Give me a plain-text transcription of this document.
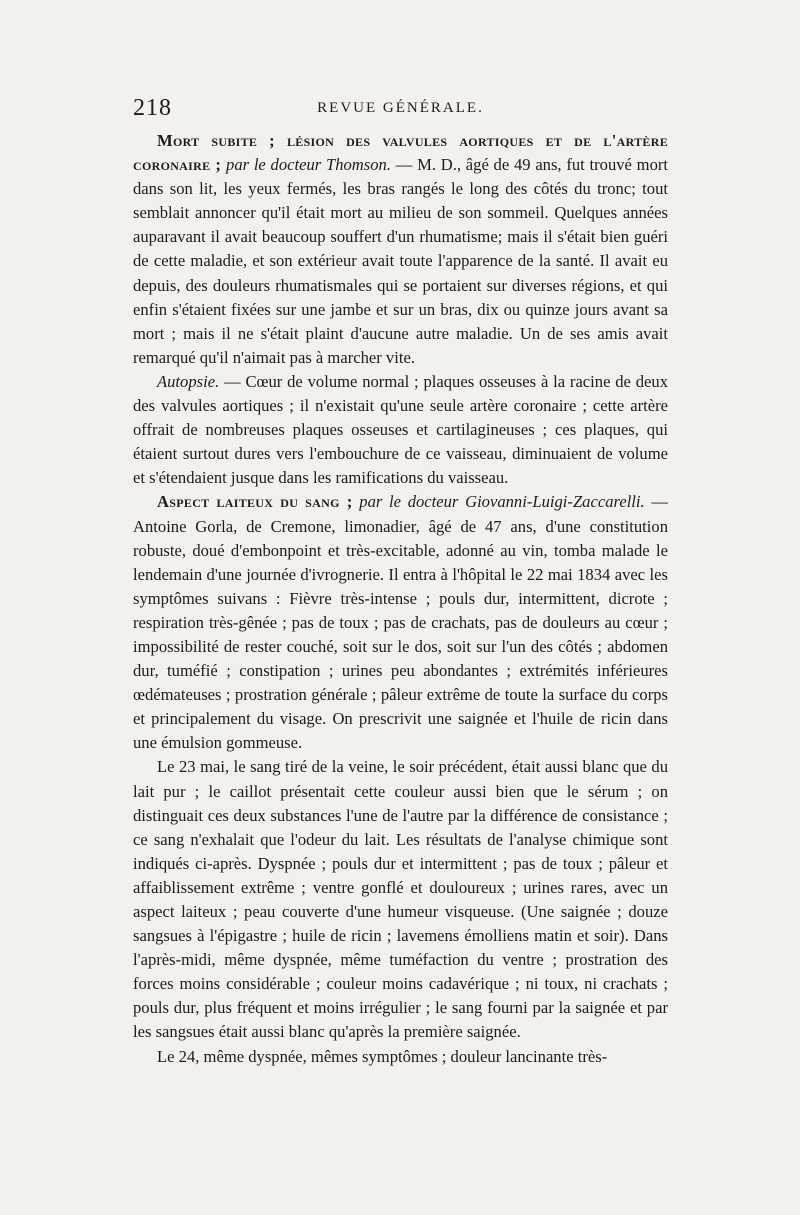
218	REVUE GÉNÉRALE.

Mort subite ; lésion des valvules aortiques et de l'artère coronaire ; par le docteur Thomson. — M. D., âgé de 49 ans, fut trouvé mort dans son lit, les yeux fermés, les bras rangés le long des côtés du tronc; tout semblait annoncer qu'il était mort au milieu de son sommeil. Quelques années auparavant il avait beaucoup souffert d'un rhumatisme; mais il s'était bien guéri de cette maladie, et son extérieur avait toute l'apparence de la santé. Il avait eu depuis, des douleurs rhumatismales qui se portaient sur diverses régions, et qui enfin s'étaient fixées sur une jambe et sur un bras, dix ou quinze jours avant sa mort ; mais il ne s'était plaint d'aucune autre maladie. Un de ses amis avait remarqué qu'il n'aimait pas à marcher vite.

Autopsie. — Cœur de volume normal ; plaques osseuses à la racine de deux des valvules aortiques ; il n'existait qu'une seule artère coronaire ; cette artère offrait de nombreuses plaques osseuses et cartilagineuses ; ces plaques, qui étaient surtout dures vers l'embouchure de ce vaisseau, diminuaient de volume et s'étendaient jusque dans les ramifications du vaisseau.

Aspect laiteux du sang ; par le docteur Giovanni-Luigi-Zaccarelli. — Antoine Gorla, de Cremone, limonadier, âgé de 47 ans, d'une constitution robuste, doué d'embonpoint et très-excitable, adonné au vin, tomba malade le lendemain d'une journée d'ivrognerie. Il entra à l'hôpital le 22 mai 1834 avec les symptômes suivans : Fièvre très-intense ; pouls dur, intermittent, dicrote ; respiration très-gênée ; pas de toux ; pas de crachats, pas de douleurs au cœur ; impossibilité de rester couché, soit sur le dos, soit sur l'un des côtés ; abdomen dur, tuméfié ; constipation ; urines peu abondantes ; extrémités inférieures œdémateuses ; prostration générale ; pâleur extrême de toute la surface du corps et principalement du visage. On prescrivit une saignée et l'huile de ricin dans une émulsion gommeuse.

Le 23 mai, le sang tiré de la veine, le soir précédent, était aussi blanc que du lait pur ; le caillot présentait cette couleur aussi bien que le sérum ; on distinguait ces deux substances l'une de l'autre par la différence de consistance ; ce sang n'exhalait que l'odeur du lait. Les résultats de l'analyse chimique sont indiqués ci-après. Dyspnée ; pouls dur et intermittent ; pas de toux ; pâleur et affaiblissement extrême ; ventre gonflé et douloureux ; urines rares, avec un aspect laiteux ; peau couverte d'une humeur visqueuse. (Une saignée ; douze sangsues à l'épigastre ; huile de ricin ; lavemens émolliens matin et soir). Dans l'après-midi, même dyspnée, même tuméfaction du ventre ; prostration des forces moins considérable ; couleur moins cadavérique ; ni toux, ni crachats ; pouls dur, plus fréquent et moins irrégulier ; le sang fourni par la saignée et par les sangsues était aussi blanc qu'après la première saignée.

Le 24, même dyspnée, mêmes symptômes ; douleur lancinante très-
